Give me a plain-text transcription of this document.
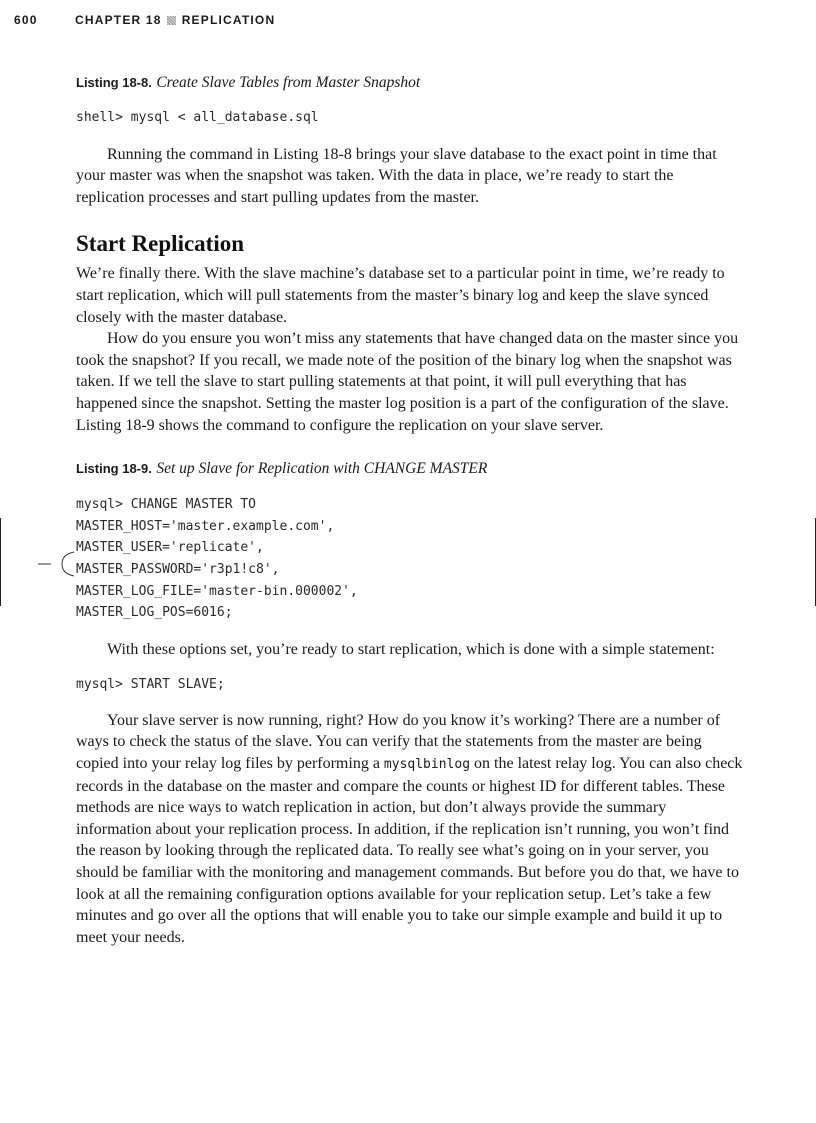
600	CHAPTER 18 REPLICATION

Listing 18-8. Create Slave Tables from Master Snapshot

shell> mysql < all_database.sql

Running the command in Listing 18-8 brings your slave database to the exact point in time that your master was when the snapshot was taken. With the data in place, we’re ready to start the replication processes and start pulling updates from the master.

Start Replication

We’re finally there. With the slave machine’s database set to a particular point in time, we’re ready to start replication, which will pull statements from the master’s binary log and keep the slave synced closely with the master database.

How do you ensure you won’t miss any statements that have changed data on the master since you took the snapshot? If you recall, we made note of the position of the binary log when the snapshot was taken. If we tell the slave to start pulling statements at that point, it will pull everything that has happened since the snapshot. Setting the master log position is a part of the configuration of the slave. Listing 18-9 shows the command to configure the replication on your slave server.

Listing 18-9. Set up Slave for Replication with CHANGE MASTER

mysql> CHANGE MASTER TO
MASTER_HOST='master.example.com',
MASTER_USER='replicate',
MASTER_PASSWORD='r3p1!c8',
MASTER_LOG_FILE='master-bin.000002',
MASTER_LOG_POS=6016;

With these options set, you’re ready to start replication, which is done with a simple statement:

mysql> START SLAVE;

Your slave server is now running, right? How do you know it’s working? There are a number of ways to check the status of the slave. You can verify that the statements from the master are being copied into your relay log files by performing a mysqlbinlog on the latest relay log. You can also check records in the database on the master and compare the counts or highest ID for different tables. These methods are nice ways to watch replication in action, but don’t always provide the summary information about your replication process. In addition, if the replication isn’t running, you won’t find the reason by looking through the replicated data. To really see what’s going on in your server, you should be familiar with the monitoring and management commands. But before you do that, we have to look at all the remaining configuration options available for your replication setup. Let’s take a few minutes and go over all the options that will enable you to take our simple example and build it up to meet your needs.
